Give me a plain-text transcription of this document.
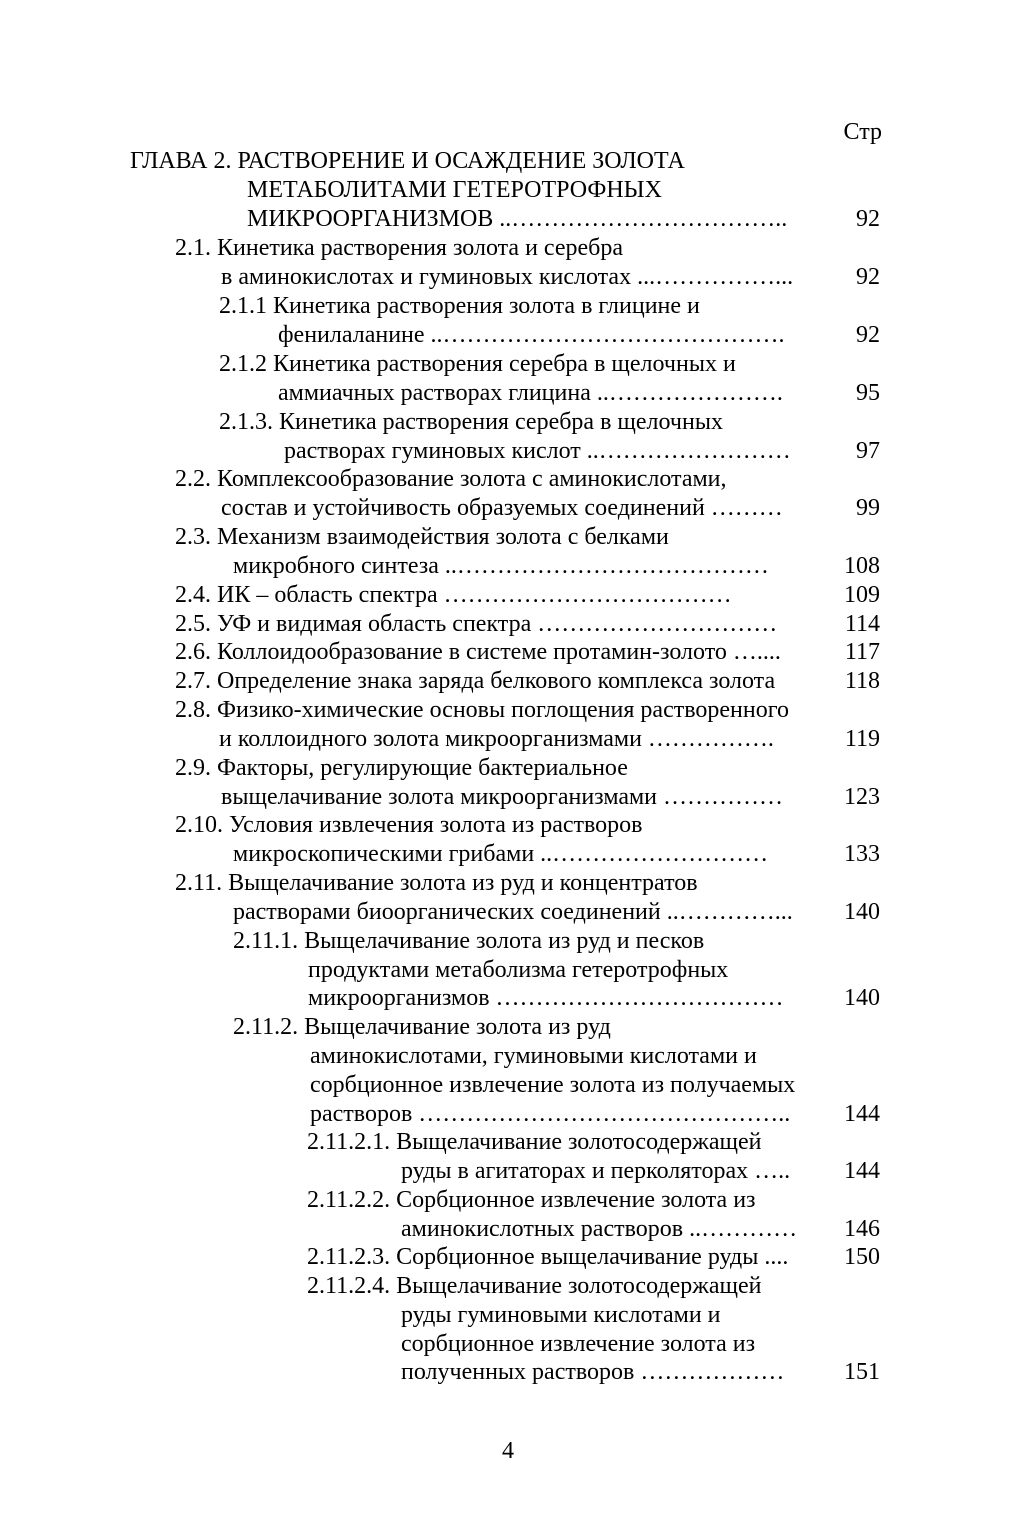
Стр
ГЛАВА 2. РАСТВОРЕНИЕ И ОСАЖДЕНИЕ ЗОЛОТА
МЕТАБОЛИТАМИ ГЕТЕРОТРОФНЫХ
МИКРООРГАНИЗМОВ ..……………………………..	92
2.1. Кинетика растворения золота и серебра
в аминокислотах и гуминовых кислотах ...……………...	92
2.1.1 Кинетика растворения золота в глицине и
фенилаланине ..…………………………………….	92
2.1.2 Кинетика растворения серебра в щелочных и
аммиачных растворах глицина ..………………….	95
2.1.3. Кинетика растворения серебра в щелочных
растворах гуминовых кислот ..……………………	97
2.2. Комплексообразование золота с аминокислотами,
состав и устойчивость образуемых соединений ………	99
2.3. Механизм взаимодействия золота с белками
микробного синтеза ..…………………………………	108
2.4. ИК – область спектра ………………………………	109
2.5. УФ и видимая область спектра …………………………	114
2.6. Коллоидообразование в системе протамин-золото …....	117
2.7. Определение знака заряда белкового комплекса золота	118
2.8. Физико-химические основы поглощения растворенного
и коллоидного золота микроорганизмами …………….	119
2.9. Факторы, регулирующие бактериальное
выщелачивание золота микроорганизмами ……………	123
2.10. Условия извлечения золота из растворов
микроскопическими грибами ..………………………	133
2.11. Выщелачивание золота из руд и концентратов
растворами биоорганических соединений ..…………...	140
2.11.1. Выщелачивание золота из руд и песков
продуктами метаболизма гетеротрофных
микроорганизмов ………………………………	140
2.11.2. Выщелачивание золота из руд
аминокислотами, гуминовыми кислотами и
сорбционное извлечение золота из получаемых
растворов ………………………………………..	144
2.11.2.1. Выщелачивание золотосодержащей
руды в агитаторах и перколяторах …..	144
2.11.2.2. Сорбционное извлечение золота из
аминокислотных растворов ..…………	146
2.11.2.3. Сорбционное выщелачивание руды ....	150
2.11.2.4. Выщелачивание золотосодержащей
руды гуминовыми кислотами и
сорбционное извлечение золота из
полученных растворов ………………	151
4
